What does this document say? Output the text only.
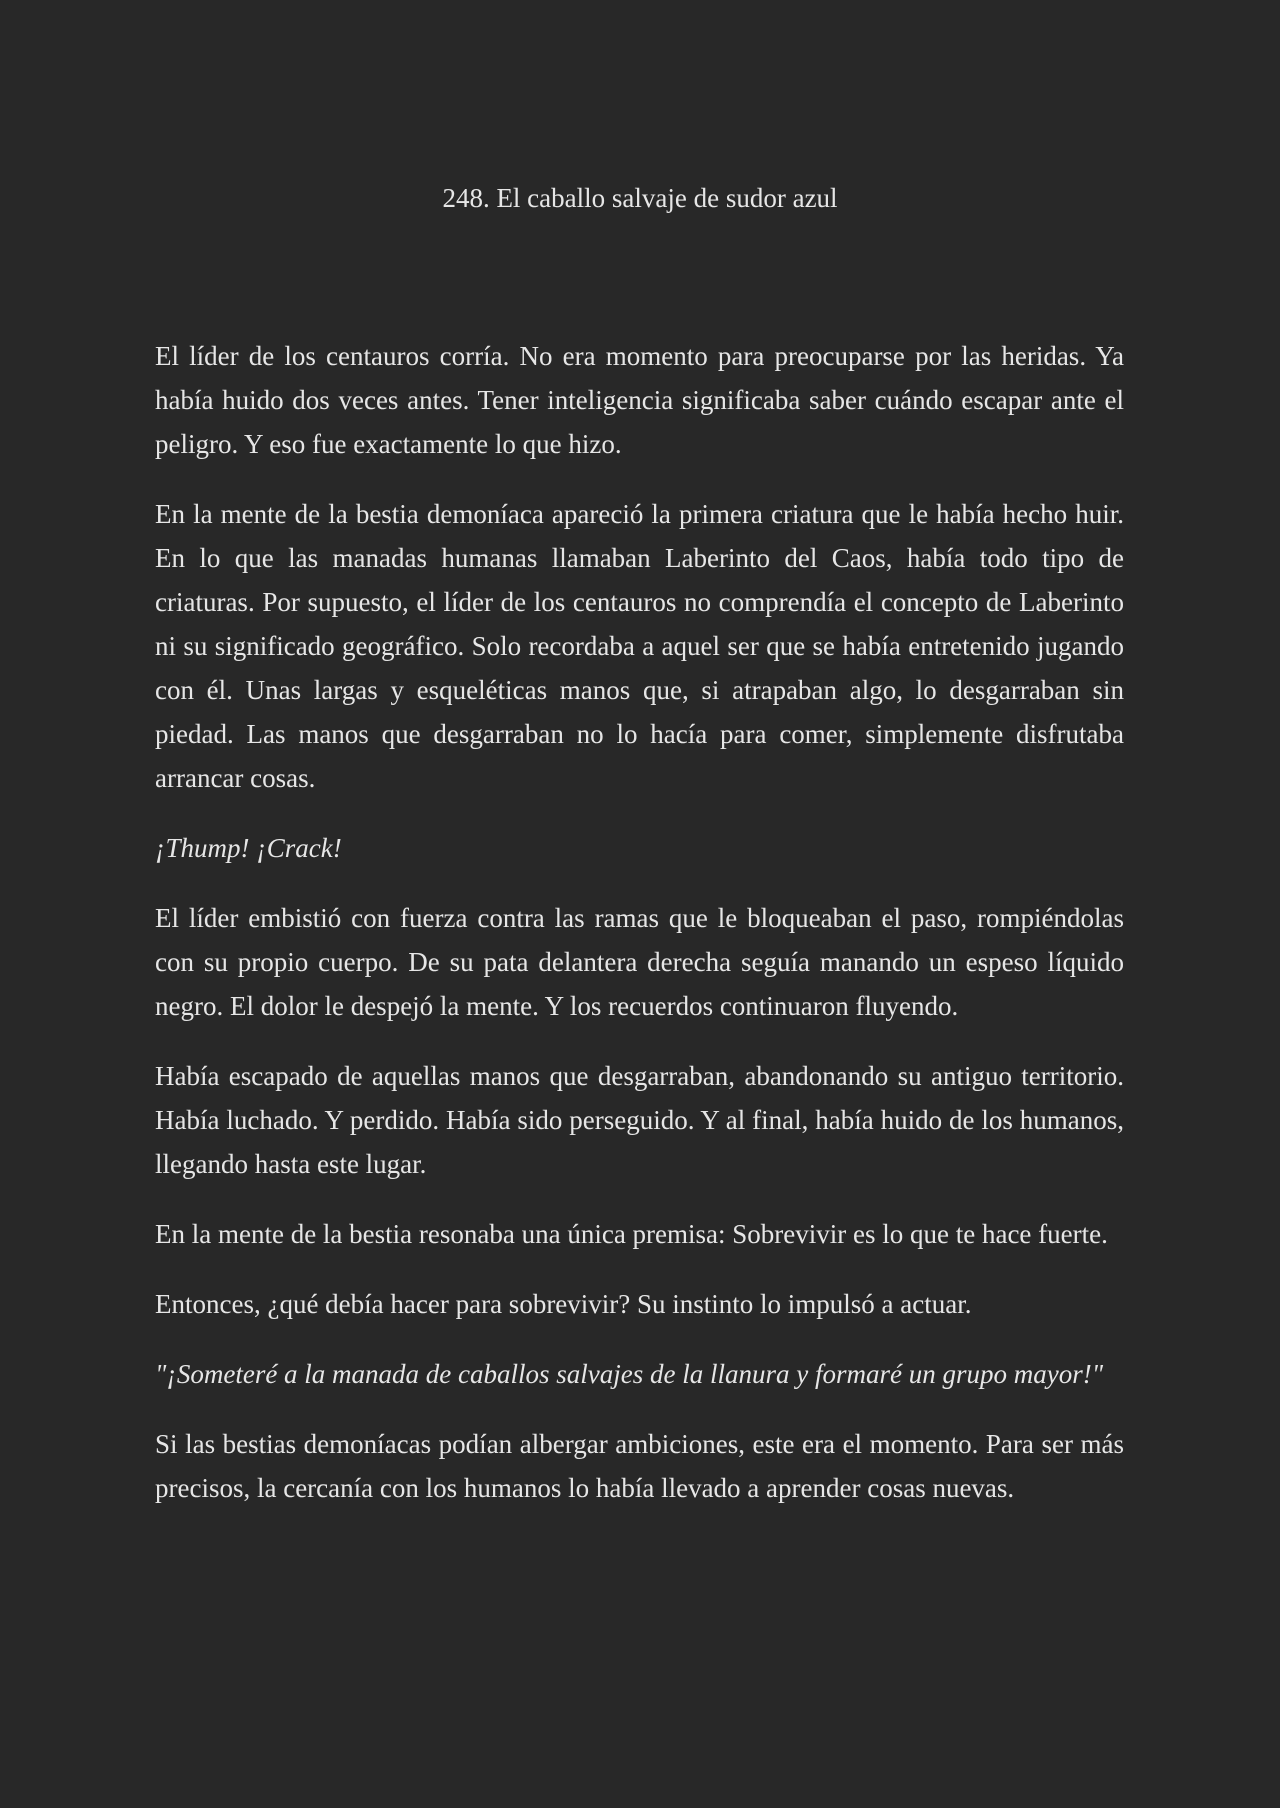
248. El caballo salvaje de sudor azul

El líder de los centauros corría. No era momento para preocuparse por las heridas. Ya había huido dos veces antes. Tener inteligencia significaba saber cuándo escapar ante el peligro. Y eso fue exactamente lo que hizo.

En la mente de la bestia demoníaca apareció la primera criatura que le había hecho huir. En lo que las manadas humanas llamaban Laberinto del Caos, había todo tipo de criaturas. Por supuesto, el líder de los centauros no comprendía el concepto de Laberinto ni su significado geográfico. Solo recordaba a aquel ser que se había entretenido jugando con él. Unas largas y esqueléticas manos que, si atrapaban algo, lo desgarraban sin piedad. Las manos que desgarraban no lo hacía para comer, simplemente disfrutaba arrancar cosas.

¡Thump! ¡Crack!

El líder embistió con fuerza contra las ramas que le bloqueaban el paso, rompiéndolas con su propio cuerpo. De su pata delantera derecha seguía manando un espeso líquido negro. El dolor le despejó la mente. Y los recuerdos continuaron fluyendo.

Había escapado de aquellas manos que desgarraban, abandonando su antiguo territorio. Había luchado. Y perdido. Había sido perseguido. Y al final, había huido de los humanos, llegando hasta este lugar.

En la mente de la bestia resonaba una única premisa: Sobrevivir es lo que te hace fuerte.

Entonces, ¿qué debía hacer para sobrevivir? Su instinto lo impulsó a actuar.

"¡Someteré a la manada de caballos salvajes de la llanura y formaré un grupo mayor!"

Si las bestias demoníacas podían albergar ambiciones, este era el momento. Para ser más precisos, la cercanía con los humanos lo había llevado a aprender cosas nuevas.
